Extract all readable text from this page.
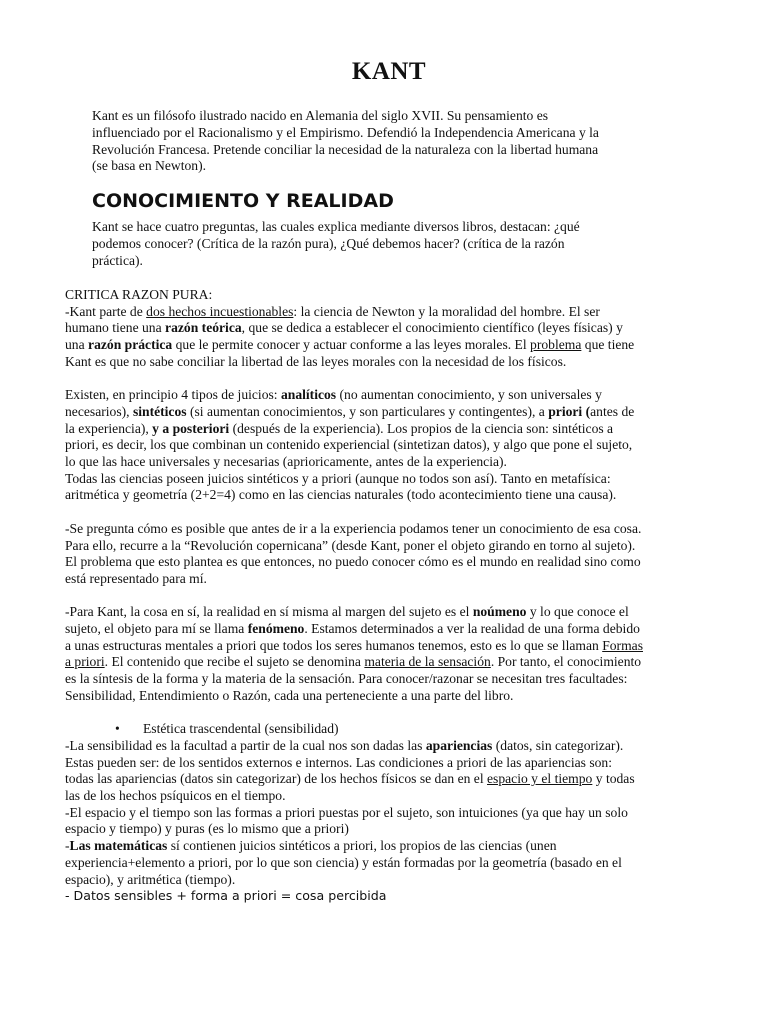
KANT
Kant es un filósofo ilustrado nacido en Alemania del siglo XVII. Su pensamiento es
influenciado por el Racionalismo y el Empirismo. Defendió la Independencia Americana y la
Revolución Francesa. Pretende conciliar la necesidad de la naturaleza con la libertad humana
(se basa en Newton).
CONOCIMIENTO Y REALIDAD
Kant se hace cuatro preguntas, las cuales explica mediante diversos libros, destacan: ¿qué
podemos conocer? (Crítica de la razón pura), ¿Qué debemos hacer? (crítica de la razón
práctica).
CRITICA RAZON PURA:
-Kant parte de dos hechos incuestionables: la ciencia de Newton y la moralidad del hombre. El ser
humano tiene una razón teórica, que se dedica a establecer el conocimiento científico (leyes físicas) y
una razón práctica que le permite conocer y actuar conforme a las leyes morales. El problema que tiene
Kant es que no sabe conciliar la libertad de las leyes morales con la necesidad de los físicos.
Existen, en principio 4 tipos de juicios: analíticos (no aumentan conocimiento, y son universales y
necesarios), sintéticos (si aumentan conocimientos, y son particulares y contingentes), a priori (antes de
la experiencia), y a posteriori (después de la experiencia). Los propios de la ciencia son: sintéticos a
priori, es decir, los que combinan un contenido experiencial (sintetizan datos), y algo que pone el sujeto,
lo que las hace universales y necesarias (aprioricamente, antes de la experiencia).
Todas las ciencias poseen juicios sintéticos y a priori (aunque no todos son así). Tanto en metafísica:
aritmética y geometría (2+2=4) como en las ciencias naturales (todo acontecimiento tiene una causa).
-Se pregunta cómo es posible que antes de ir a la experiencia podamos tener un conocimiento de esa cosa.
Para ello, recurre a la “Revolución copernicana” (desde Kant, poner el objeto girando en torno al sujeto).
El problema que esto plantea es que entonces, no puedo conocer cómo es el mundo en realidad sino como
está representado para mí.
-Para Kant, la cosa en sí, la realidad en sí misma al margen del sujeto es el noúmeno y lo que conoce el
sujeto, el objeto para mí se llama fenómeno. Estamos determinados a ver la realidad de una forma debido
a unas estructuras mentales a priori que todos los seres humanos tenemos, esto es lo que se llaman Formas
a priori. El contenido que recibe el sujeto se denomina materia de la sensación. Por tanto, el conocimiento
es la síntesis de la forma y la materia de la sensación. Para conocer/razonar se necesitan tres facultades:
Sensibilidad, Entendimiento o Razón, cada una perteneciente a una parte del libro.
• Estética trascendental (sensibilidad)
-La sensibilidad es la facultad a partir de la cual nos son dadas las apariencias (datos, sin categorizar).
Estas pueden ser: de los sentidos externos e internos. Las condiciones a priori de las apariencias son:
todas las apariencias (datos sin categorizar) de los hechos físicos se dan en el espacio y el tiempo y todas
las de los hechos psíquicos en el tiempo.
-El espacio y el tiempo son las formas a priori puestas por el sujeto, son intuiciones (ya que hay un solo
espacio y tiempo) y puras (es lo mismo que a priori)
-Las matemáticas sí contienen juicios sintéticos a priori, los propios de las ciencias (unen
experiencia+elemento a priori, por lo que son ciencia) y están formadas por la geometría (basado en el
espacio), y aritmética (tiempo).
- Datos sensibles + forma a priori = cosa percibida
